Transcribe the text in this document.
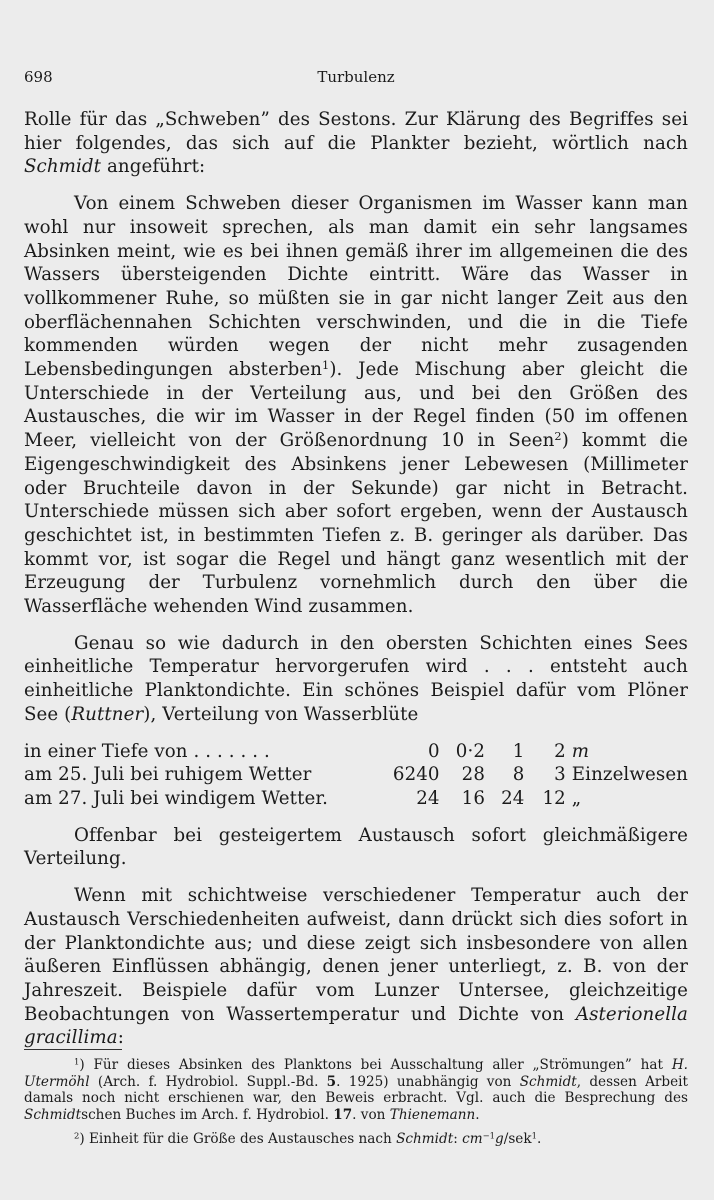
698	Turbulenz

Rolle für das „Schweben” des Sestons. Zur Klärung des Begriffes sei hier folgendes, das sich auf die Plankter bezieht, wörtlich nach Schmidt angeführt:

Von einem Schweben dieser Organismen im Wasser kann man wohl nur insoweit sprechen, als man damit ein sehr langsames Absinken meint, wie es bei ihnen gemäß ihrer im allgemeinen die des Wassers übersteigenden Dichte eintritt. Wäre das Wasser in vollkommener Ruhe, so müßten sie in gar nicht langer Zeit aus den oberflächennahen Schichten verschwinden, und die in die Tiefe kommenden würden wegen der nicht mehr zusagenden Lebensbedingungen absterben$^1$). Jede Mischung aber gleicht die Unterschiede in der Verteilung aus, und bei den Größen des Austausches, die wir im Wasser in der Regel finden (50 im offenen Meer, vielleicht von der Größenordnung 10 in Seen$^2$) kommt die Eigengeschwindigkeit des Absinkens jener Lebewesen (Millimeter oder Bruchteile davon in der Sekunde) gar nicht in Betracht. Unterschiede müssen sich aber sofort ergeben, wenn der Austausch geschichtet ist, in bestimmten Tiefen z. B. geringer als darüber. Das kommt vor, ist sogar die Regel und hängt ganz wesentlich mit der Erzeugung der Turbulenz vornehmlich durch den über die Wasserfläche wehenden Wind zusammen.

Genau so wie dadurch in den obersten Schichten eines Sees einheitliche Temperatur hervorgerufen wird . . . entsteht auch einheitliche Planktondichte. Ein schönes Beispiel dafür vom Plöner See (Ruttner), Verteilung von Wasserblüte

in einer Tiefe von . . . . . . .	0	0·2	1	2	m
am 25. Juli bei ruhigem Wetter	6240	28	8	3	Einzelwesen
am 27. Juli bei windigem Wetter.	24	16	24	12	„

Offenbar bei gesteigertem Austausch sofort gleichmäßigere Verteilung.

Wenn mit schichtweise verschiedener Temperatur auch der Austausch Verschiedenheiten aufweist, dann drückt sich dies sofort in der Planktondichte aus; und diese zeigt sich insbesondere von allen äußeren Einflüssen abhängig, denen jener unterliegt, z. B. von der Jahreszeit. Beispiele dafür vom Lunzer Untersee, gleichzeitige Beobachtungen von Wassertemperatur und Dichte von Asterionella gracillima:

$^1$) Für dieses Absinken des Planktons bei Ausschaltung aller „Strömungen” hat H. Utermöhl (Arch. f. Hydrobiol. Suppl.-Bd. 5. 1925) unabhängig von Schmidt, dessen Arbeit damals noch nicht erschienen war, den Beweis erbracht. Vgl. auch die Besprechung des Schmidtschen Buches im Arch. f. Hydrobiol. 17. von Thienemann.

$^2$) Einheit für die Größe des Austausches nach Schmidt: $cm^{-1}g/sek^1$.
